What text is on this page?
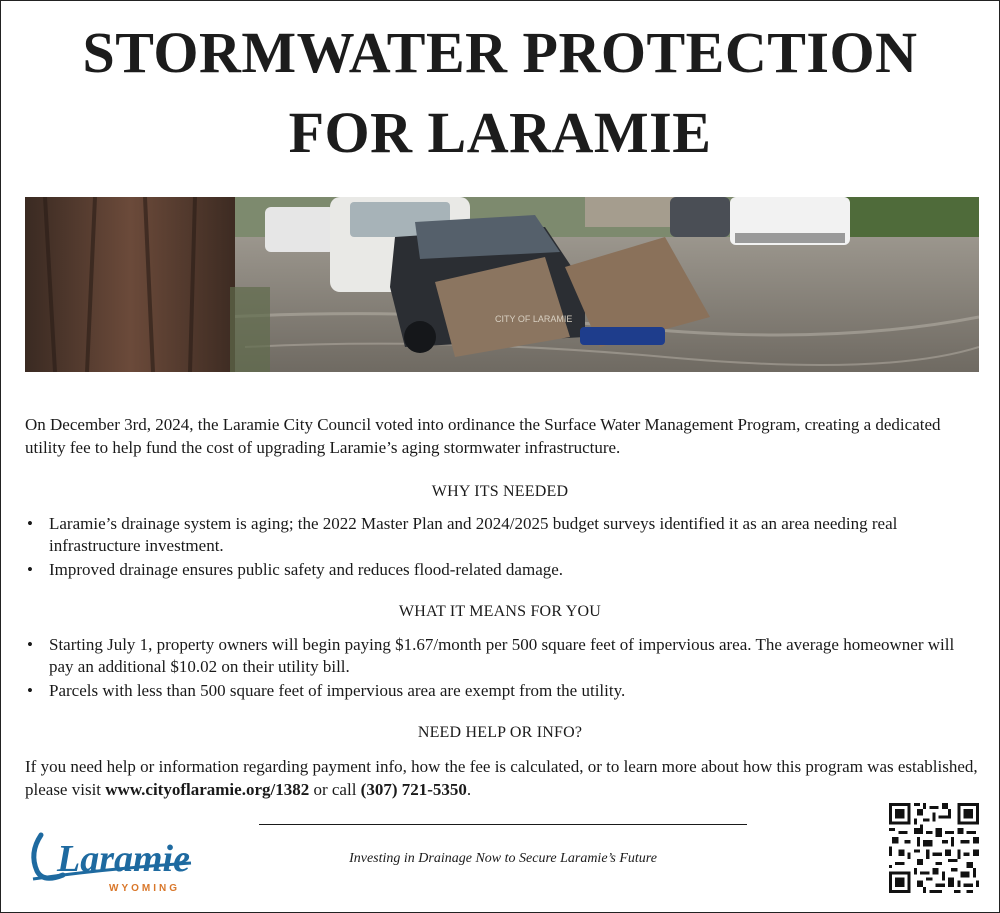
STORMWATER PROTECTION
FOR LARAMIE
CITY OF LARAMIE
On December 3rd, 2024, the Laramie City Council voted into ordinance the Surface Water Management Program, creating a dedicated utility fee to help fund the cost of upgrading Laramie’s aging stormwater infrastructure.
WHY ITS NEEDED
• Laramie’s drainage system is aging; the 2022 Master Plan and 2024/2025 budget surveys identified it as an area needing real infrastructure investment.
• Improved drainage ensures public safety and reduces flood-related damage.
WHAT IT MEANS FOR YOU
• Starting July 1, property owners will begin paying $1.67/month per 500 square feet of impervious area. The average homeowner will pay an additional $10.02 on their utility bill.
• Parcels with less than 500 square feet of impervious area are exempt from the utility.
NEED HELP OR INFO?
If you need help or information regarding payment info, how the fee is calculated, or to learn more about how this program was established, please visit www.cityoflaramie.org/1382 or call (307) 721-5350.
Investing in Drainage Now to Secure Laramie’s Future
Laramie
WYOMING
